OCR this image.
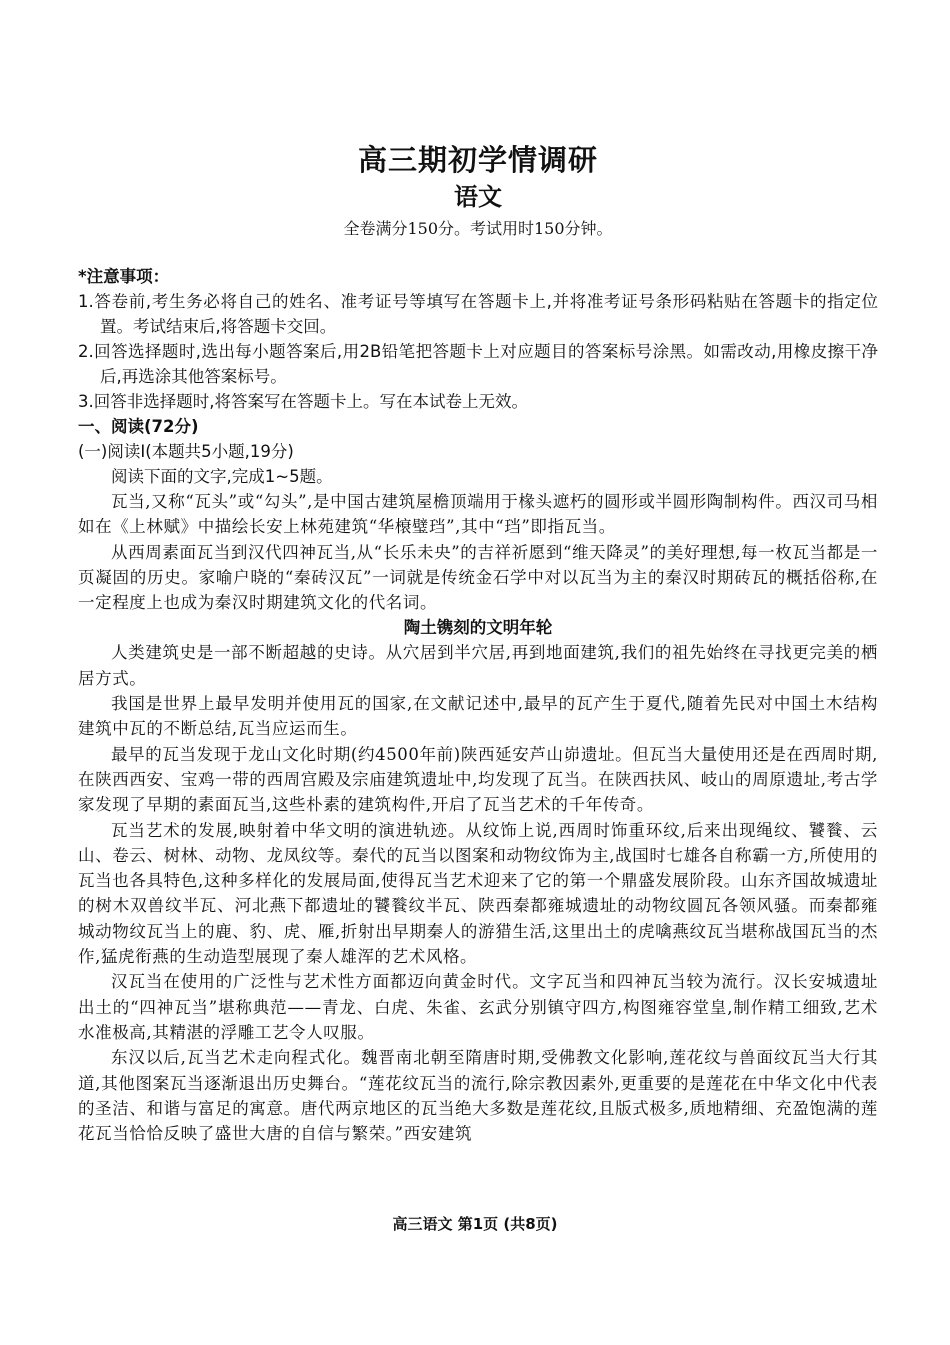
高三期初学情调研
语文

全卷满分150分。考试用时150分钟。

*注意事项：

1.答卷前,考生务必将自己的姓名、准考证号等填写在答题卡上,并将准考证号条形码粘贴在答题卡的指定位置。考试结束后,将答题卡交回。

2.回答选择题时,选出每小题答案后,用2B铅笔把答题卡上对应题目的答案标号涂黑。如需改动,用橡皮擦干净后,再选涂其他答案标号。

3.回答非选择题时,将答案写在答题卡上。写在本试卷上无效。

一、阅读(72分)

(一)阅读Ⅰ(本题共5小题,19分)

阅读下面的文字,完成1~5题。

瓦当,又称“瓦头”或“勾头”,是中国古建筑屋檐顶端用于椽头遮朽的圆形或半圆形陶制构件。西汉司马相如在《上林赋》中描绘长安上林苑建筑“华榱璧珰”,其中“珰”即指瓦当。

从西周素面瓦当到汉代四神瓦当,从“长乐未央”的吉祥祈愿到“维天降灵”的美好理想,每一枚瓦当都是一页凝固的历史。家喻户晓的“秦砖汉瓦”一词就是传统金石学中对以瓦当为主的秦汉时期砖瓦的概括俗称,在一定程度上也成为秦汉时期建筑文化的代名词。

陶土镌刻的文明年轮

人类建筑史是一部不断超越的史诗。从穴居到半穴居,再到地面建筑,我们的祖先始终在寻找更完美的栖居方式。

我国是世界上最早发明并使用瓦的国家,在文献记述中,最早的瓦产生于夏代,随着先民对中国土木结构建筑中瓦的不断总结,瓦当应运而生。

最早的瓦当发现于龙山文化时期(约4500年前)陕西延安芦山峁遗址。但瓦当大量使用还是在西周时期,在陕西西安、宝鸡一带的西周宫殿及宗庙建筑遗址中,均发现了瓦当。在陕西扶风、岐山的周原遗址,考古学家发现了早期的素面瓦当,这些朴素的建筑构件,开启了瓦当艺术的千年传奇。

瓦当艺术的发展,映射着中华文明的演进轨迹。从纹饰上说,西周时饰重环纹,后来出现绳纹、饕餮、云山、卷云、树林、动物、龙凤纹等。秦代的瓦当以图案和动物纹饰为主,战国时七雄各自称霸一方,所使用的瓦当也各具特色,这种多样化的发展局面,使得瓦当艺术迎来了它的第一个鼎盛发展阶段。山东齐国故城遗址的树木双兽纹半瓦、河北燕下都遗址的饕餮纹半瓦、陕西秦都雍城遗址的动物纹圆瓦各领风骚。而秦都雍城动物纹瓦当上的鹿、豹、虎、雁,折射出早期秦人的游猎生活,这里出土的虎噙燕纹瓦当堪称战国瓦当的杰作,猛虎衔燕的生动造型展现了秦人雄浑的艺术风格。

汉瓦当在使用的广泛性与艺术性方面都迈向黄金时代。文字瓦当和四神瓦当较为流行。汉长安城遗址出土的“四神瓦当”堪称典范——青龙、白虎、朱雀、玄武分别镇守四方,构图雍容堂皇,制作精工细致,艺术水准极高,其精湛的浮雕工艺令人叹服。

东汉以后,瓦当艺术走向程式化。魏晋南北朝至隋唐时期,受佛教文化影响,莲花纹与兽面纹瓦当大行其道,其他图案瓦当逐渐退出历史舞台。“莲花纹瓦当的流行,除宗教因素外,更重要的是莲花在中华文化中代表的圣洁、和谐与富足的寓意。唐代两京地区的瓦当绝大多数是莲花纹,且版式极多,质地精细、充盈饱满的莲花瓦当恰恰反映了盛世大唐的自信与繁荣。”西安建筑

高三语文 第1页 (共8页)
